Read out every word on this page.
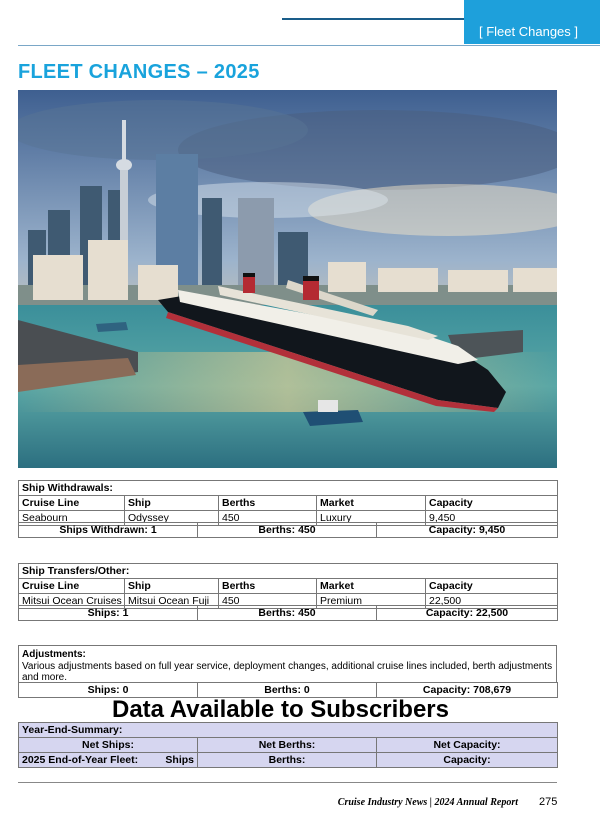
[ Fleet Changes ]
FLEET CHANGES – 2025
Ship Withdrawals:				
Cruise Line	Ship	Berths	Market	Capacity
Seabourn	Odyssey	450	Luxury	9,450
Ships Withdrawn: 1	Berths: 450	Capacity: 9,450
Ship Transfers/Other:				
Cruise Line	Ship	Berths	Market	Capacity
Mitsui Ocean Cruises	Mitsui Ocean Fuji	450	Premium	22,500
Ships: 1	Berths: 450	Capacity: 22,500
Adjustments:
Various adjustments based on full year service, deployment changes, additional cruise lines included, berth adjustments and more.
Ships: 0	Berths: 0	Capacity: 708,679
Year-End-Summary:		
Net Ships:	Net Berths:	Net Capacity:
2025 End-of-Year Fleet: Ships	Berths:	Capacity:
Data Available to Subscribers
Cruise Industry News | 2024 Annual Report 275
